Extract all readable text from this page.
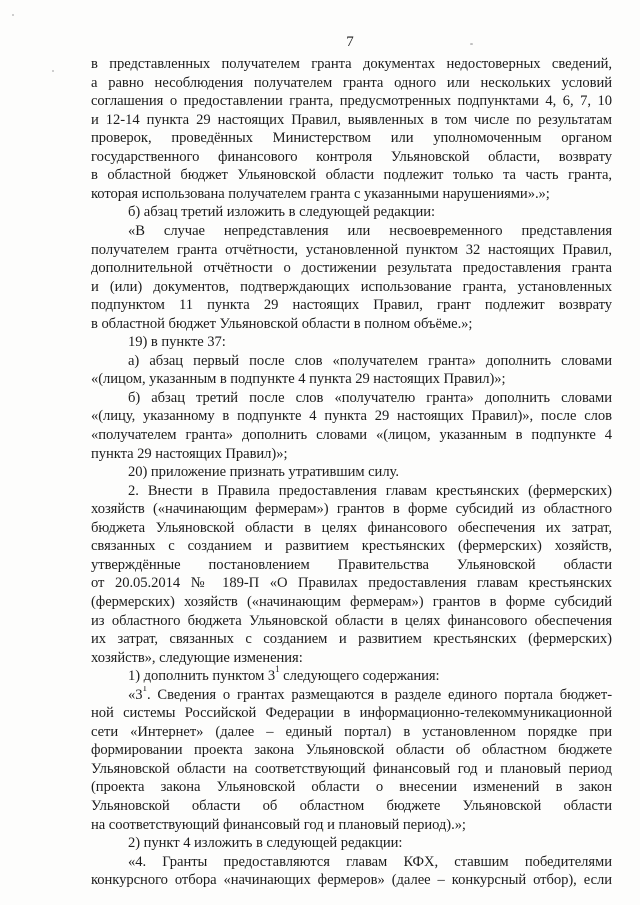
7
в представленных получателем гранта документах недостоверных сведений,
а равно несоблюдения получателем гранта одного или нескольких условий
соглашения о предоставлении гранта, предусмотренных подпунктами 4, 6, 7, 10
и 12-14 пункта 29 настоящих Правил, выявленных в том числе по результатам
проверок, проведённых Министерством или уполномоченным органом
государственного финансового контроля Ульяновской области, возврату
в областной бюджет Ульяновской области подлежит только та часть гранта,
которая использована получателем гранта с указанными нарушениями».»;
б) абзац третий изложить в следующей редакции:
«В случае непредставления или несвоевременного представления
получателем гранта отчётности, установленной пунктом 32 настоящих Правил,
дополнительной отчётности о достижении результата предоставления гранта
и (или) документов, подтверждающих использование гранта, установленных
подпунктом 11 пункта 29 настоящих Правил, грант подлежит возврату
в областной бюджет Ульяновской области в полном объёме.»;
19) в пункте 37:
а) абзац первый после слов «получателем гранта» дополнить словами
«(лицом, указанным в подпункте 4 пункта 29 настоящих Правил)»;
б) абзац третий после слов «получателю гранта» дополнить словами
«(лицу, указанному в подпункте 4 пункта 29 настоящих Правил)», после слов
«получателем гранта» дополнить словами «(лицом, указанным в подпункте 4
пункта 29 настоящих Правил)»;
20) приложение признать утратившим силу.
2. Внести в Правила предоставления главам крестьянских (фермерских)
хозяйств («начинающим фермерам») грантов в форме субсидий из областного
бюджета Ульяновской области в целях финансового обеспечения их затрат,
связанных с созданием и развитием крестьянских (фермерских) хозяйств,
утверждённые постановлением Правительства Ульяновской области
от 20.05.2014 № 189-П «О Правилах предоставления главам крестьянских
(фермерских) хозяйств («начинающим фермерам») грантов в форме субсидий
из областного бюджета Ульяновской области в целях финансового обеспечения
их затрат, связанных с созданием и развитием крестьянских (фермерских)
хозяйств», следующие изменения:
1) дополнить пунктом $3^1$ следующего содержания:
«$3^1$. Сведения о грантах размещаются в разделе единого портала бюджет-
ной системы Российской Федерации в информационно-телекоммуникационной
сети «Интернет» (далее – единый портал) в установленном порядке при
формировании проекта закона Ульяновской области об областном бюджете
Ульяновской области на соответствующий финансовый год и плановый период
(проекта закона Ульяновской области о внесении изменений в закон
Ульяновской области об областном бюджете Ульяновской области
на соответствующий финансовый год и плановый период).»;
2) пункт 4 изложить в следующей редакции:
«4. Гранты предоставляются главам КФХ, ставшим победителями
конкурсного отбора «начинающих фермеров» (далее – конкурсный отбор), если
